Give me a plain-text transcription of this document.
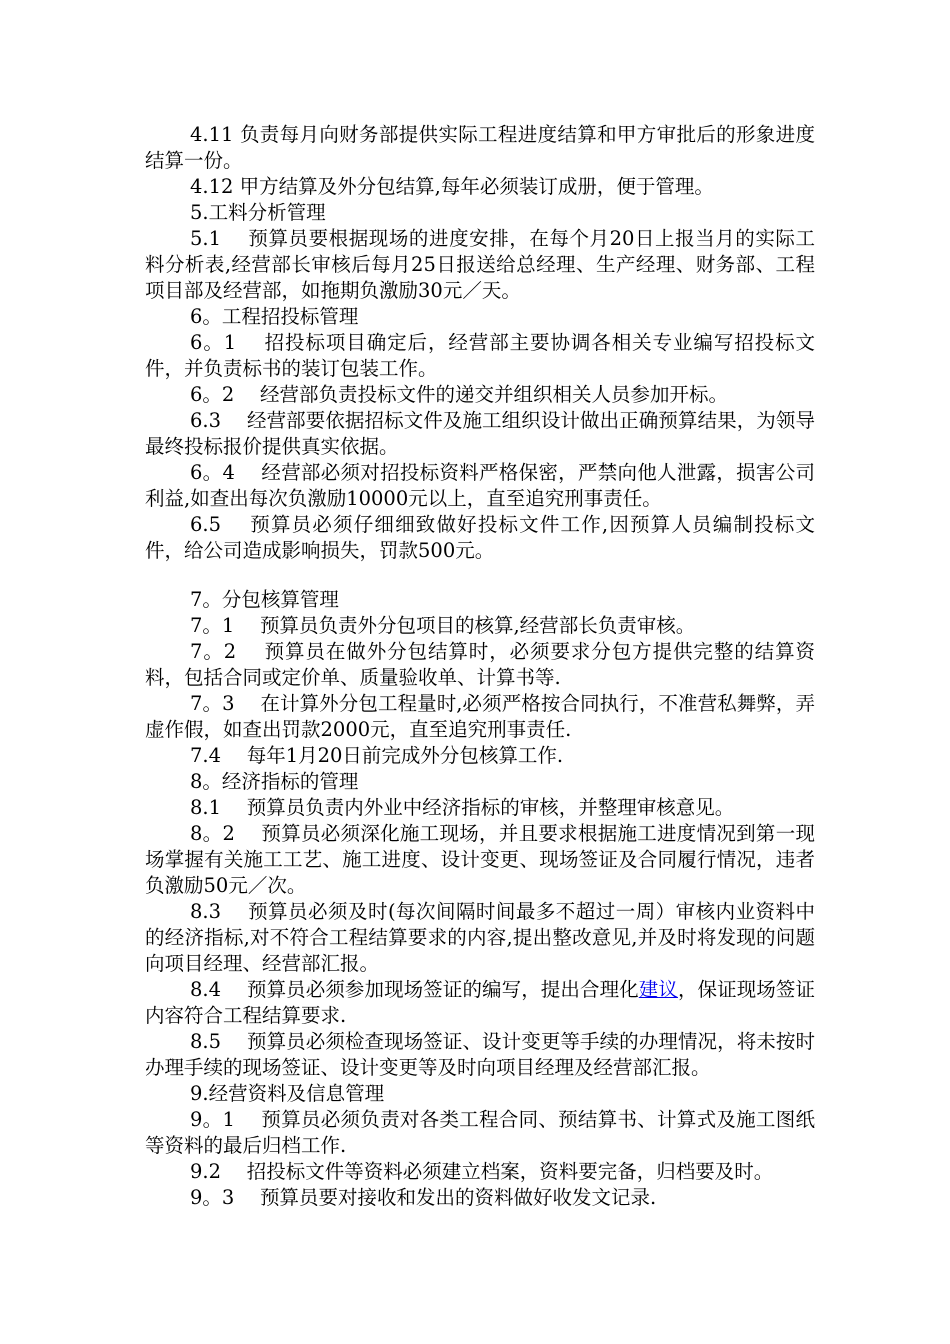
4.11 负责每月向财务部提供实际工程进度结算和甲方审批后的形象进度结算一份。

4.12 甲方结算及外分包结算,每年必须装订成册，便于管理。

5.工料分析管理

5.1　 预算员要根据现场的进度安排，在每个月20日上报当月的实际工料分析表,经营部长审核后每月25日报送给总经理、生产经理、财务部、工程项目部及经营部，如拖期负激励30元／天。

6。工程招投标管理

6。1　 招投标项目确定后，经营部主要协调各相关专业编写招投标文件，并负责标书的装订包装工作。

6。2　 经营部负责投标文件的递交并组织相关人员参加开标。

6.3　 经营部要依据招标文件及施工组织设计做出正确预算结果，为领导最终投标报价提供真实依据。

6。4　 经营部必须对招投标资料严格保密，严禁向他人泄露，损害公司利益,如查出每次负激励10000元以上，直至追究刑事责任。

6.5　 预算员必须仔细细致做好投标文件工作,因预算人员编制投标文件，给公司造成影响损失，罚款500元。

7。分包核算管理

7。1　 预算员负责外分包项目的核算,经营部长负责审核。

7。2　 预算员在做外分包结算时，必须要求分包方提供完整的结算资料，包括合同或定价单、质量验收单、计算书等.

7。3　 在计算外分包工程量时,必须严格按合同执行，不准营私舞弊，弄虚作假，如查出罚款2000元，直至追究刑事责任.

7.4　 每年1月20日前完成外分包核算工作.

8。经济指标的管理

8.1　 预算员负责内外业中经济指标的审核，并整理审核意见。

8。2　 预算员必须深化施工现场，并且要求根据施工进度情况到第一现场掌握有关施工工艺、施工进度、设计变更、现场签证及合同履行情况，违者负激励50元／次。

8.3　 预算员必须及时(每次间隔时间最多不超过一周）审核内业资料中的经济指标,对不符合工程结算要求的内容,提出整改意见,并及时将发现的问题向项目经理、经营部汇报。

8.4　 预算员必须参加现场签证的编写，提出合理化建议，保证现场签证内容符合工程结算要求.

8.5　 预算员必须检查现场签证、设计变更等手续的办理情况，将未按时办理手续的现场签证、设计变更等及时向项目经理及经营部汇报。

9.经营资料及信息管理

9。1　 预算员必须负责对各类工程合同、预结算书、计算式及施工图纸等资料的最后归档工作.

9.2　 招投标文件等资料必须建立档案，资料要完备，归档要及时。

9。3　 预算员要对接收和发出的资料做好收发文记录.
